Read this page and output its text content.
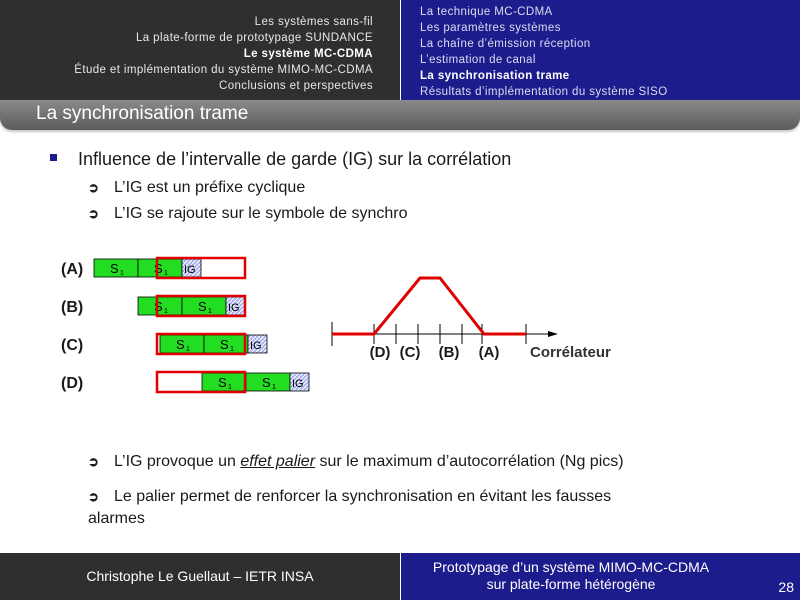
Les systèmes sans-fil
La plate-forme de prototypage SUNDANCE
Le système MC-CDMA
Étude et implémentation du système MIMO-MC-CDMA
Conclusions et perspectives
La technique MC-CDMA
Les paramètres systèmes
La chaîne d’émission réception
L’estimation de canal
La synchronisation trame
Résultats d’implémentation du système SISO
La synchronisation trame
Influence de l’intervalle de garde (IG) sur la corrélation
➲ L’IG est un préfixe cyclique
➲ L’IG se rajoute sur le symbole de synchro
(A) S 1 S 1 IG
(B)	S 1 S 1 IG
(C)	S 1 S 1 IG
(D)	S 1 S 1 IG
(D) (C) (B) (A) Corrélateur
➲ L’IG provoque un effet palier sur le maximum d’autocorrélation (Ng pics)
➲ Le palier permet de renforcer la synchronisation en évitant les fausses
alarmes
Christophe Le Guellaut – IETR INSA
Prototypage d’un système MIMO-MC-CDMA
sur plate-forme hétérogène	28
